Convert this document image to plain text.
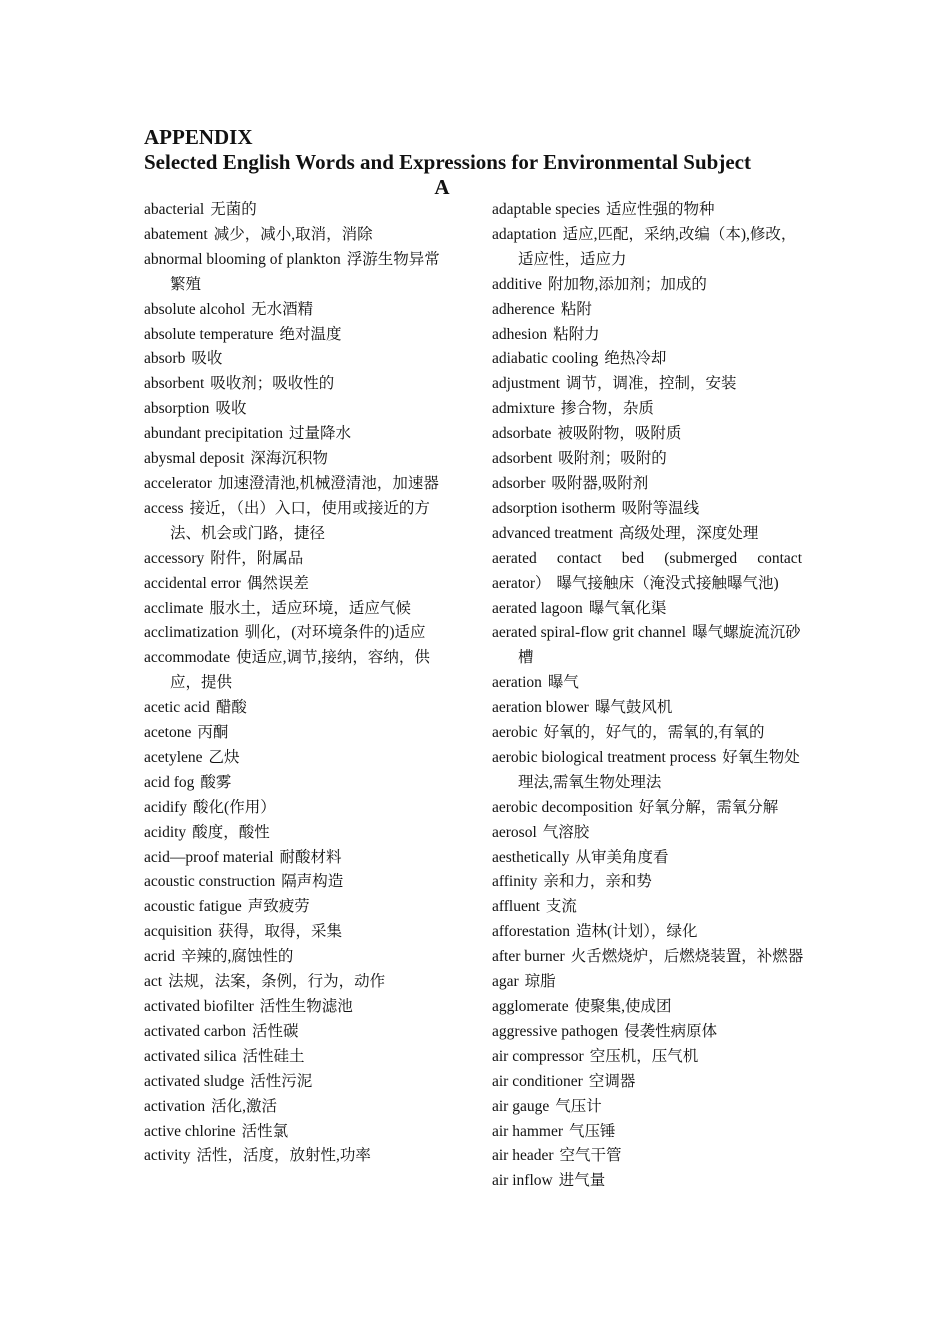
APPENDIX
Selected English Words and Expressions for Environmental Subject
A
abacterial 无菌的
abatement 减少，减小,取消，消除
abnormal blooming of plankton 浮游生物异常繁殖
absolute alcohol 无水酒精
absolute temperature 绝对温度
absorb 吸收
absorbent 吸收剂；吸收性的
absorption 吸收
abundant precipitation 过量降水
abysmal deposit 深海沉积物
accelerator 加速澄清池,机械澄清池，加速器
access 接近，（出）入口，使用或接近的方法、机会或门路，捷径
accessory 附件，附属品
accidental error 偶然误差
acclimate 服水土，适应环境，适应气候
acclimatization 驯化，(对环境条件的)适应
accommodate 使适应,调节,接纳，容纳，供应，提供
acetic acid 醋酸
acetone 丙酮
acetylene 乙炔
acid fog 酸雾
acidify 酸化(作用）
acidity 酸度，酸性
acid—proof material 耐酸材料
acoustic construction 隔声构造
acoustic fatigue 声致疲劳
acquisition 获得，取得，采集
acrid 辛辣的,腐蚀性的
act 法规，法案，条例，行为，动作
activated biofilter 活性生物滤池
activated carbon 活性碳
activated silica 活性硅土
activated sludge 活性污泥
activation 活化,激活
active chlorine 活性氯
activity 活性，活度，放射性,功率
adaptable species 适应性强的物种
adaptation 适应,匹配，采纳,改编（本),修改，适应性，适应力
additive 附加物,添加剂；加成的
adherence 粘附
adhesion 粘附力
adiabatic cooling 绝热冷却
adjustment 调节，调准，控制，安装
admixture 掺合物，杂质
adsorbate 被吸附物，吸附质
adsorbent 吸附剂；吸附的
adsorber 吸附器,吸附剂
adsorption isotherm 吸附等温线
advanced treatment 高级处理，深度处理
aerated contact bed (submerged contact
aerator） 曝气接触床（淹没式接触曝气池)
aerated lagoon 曝气氧化渠
aerated spiral-flow grit channel 曝气螺旋流沉砂槽
aeration 曝气
aeration blower 曝气鼓风机
aerobic 好氧的，好气的，需氧的,有氧的
aerobic biological treatment process 好氧生物处理法,需氧生物处理法
aerobic decomposition 好氧分解，需氧分解
aerosol 气溶胶
aesthetically 从审美角度看
affinity 亲和力，亲和势
affluent 支流
afforestation 造林(计划），绿化
after burner 火舌燃烧炉，后燃烧装置，补燃器
agar 琼脂
agglomerate 使聚集,使成团
aggressive pathogen 侵袭性病原体
air compressor 空压机，压气机
air conditioner 空调器
air gauge 气压计
air hammer 气压锤
air header 空气干管
air inflow 进气量
